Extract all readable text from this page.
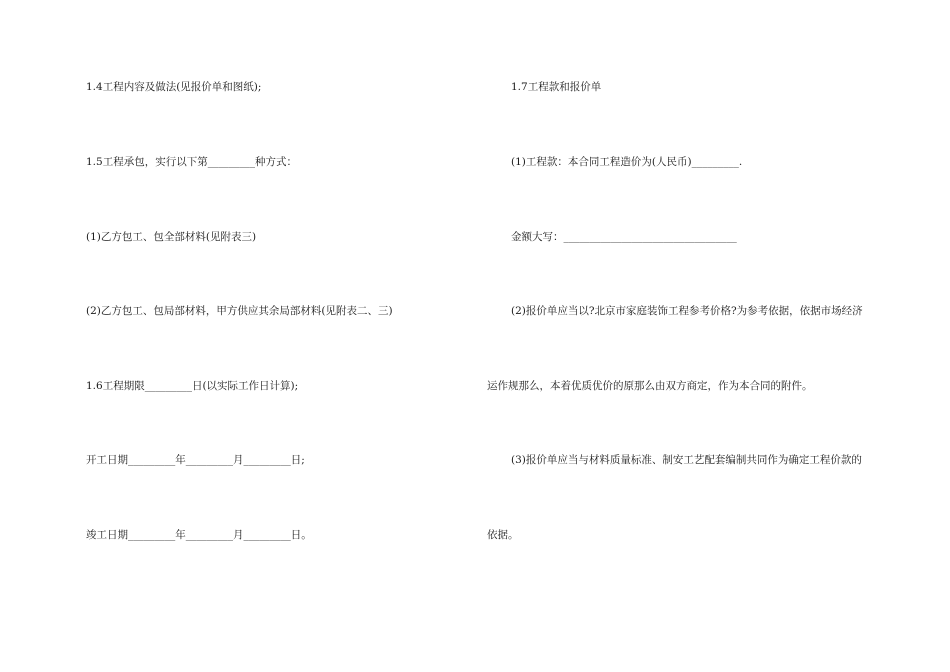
1.4工程内容及做法(见报价单和图纸);
1.5工程承包，实行以下第_________种方式：
(1)乙方包工、包全部材料(见附表三)
(2)乙方包工、包局部材料，甲方供应其余局部材料(见附表二、三)
1.6工程期限_________日(以实际工作日计算);
开工日期_________年_________月_________日;
竣工日期_________年_________月_________日。
1.7工程款和报价单
(1)工程款：本合同工程造价为(人民币)_________.
金额大写：_________________________________
(2)报价单应当以?北京市家庭装饰工程参考价格?为参考依据，依据市场经济
运作规那么，本着优质优价的原那么由双方商定，作为本合同的附件。
(3)报价单应当与材料质量标准、制安工艺配套编制共同作为确定工程价款的
依据。
